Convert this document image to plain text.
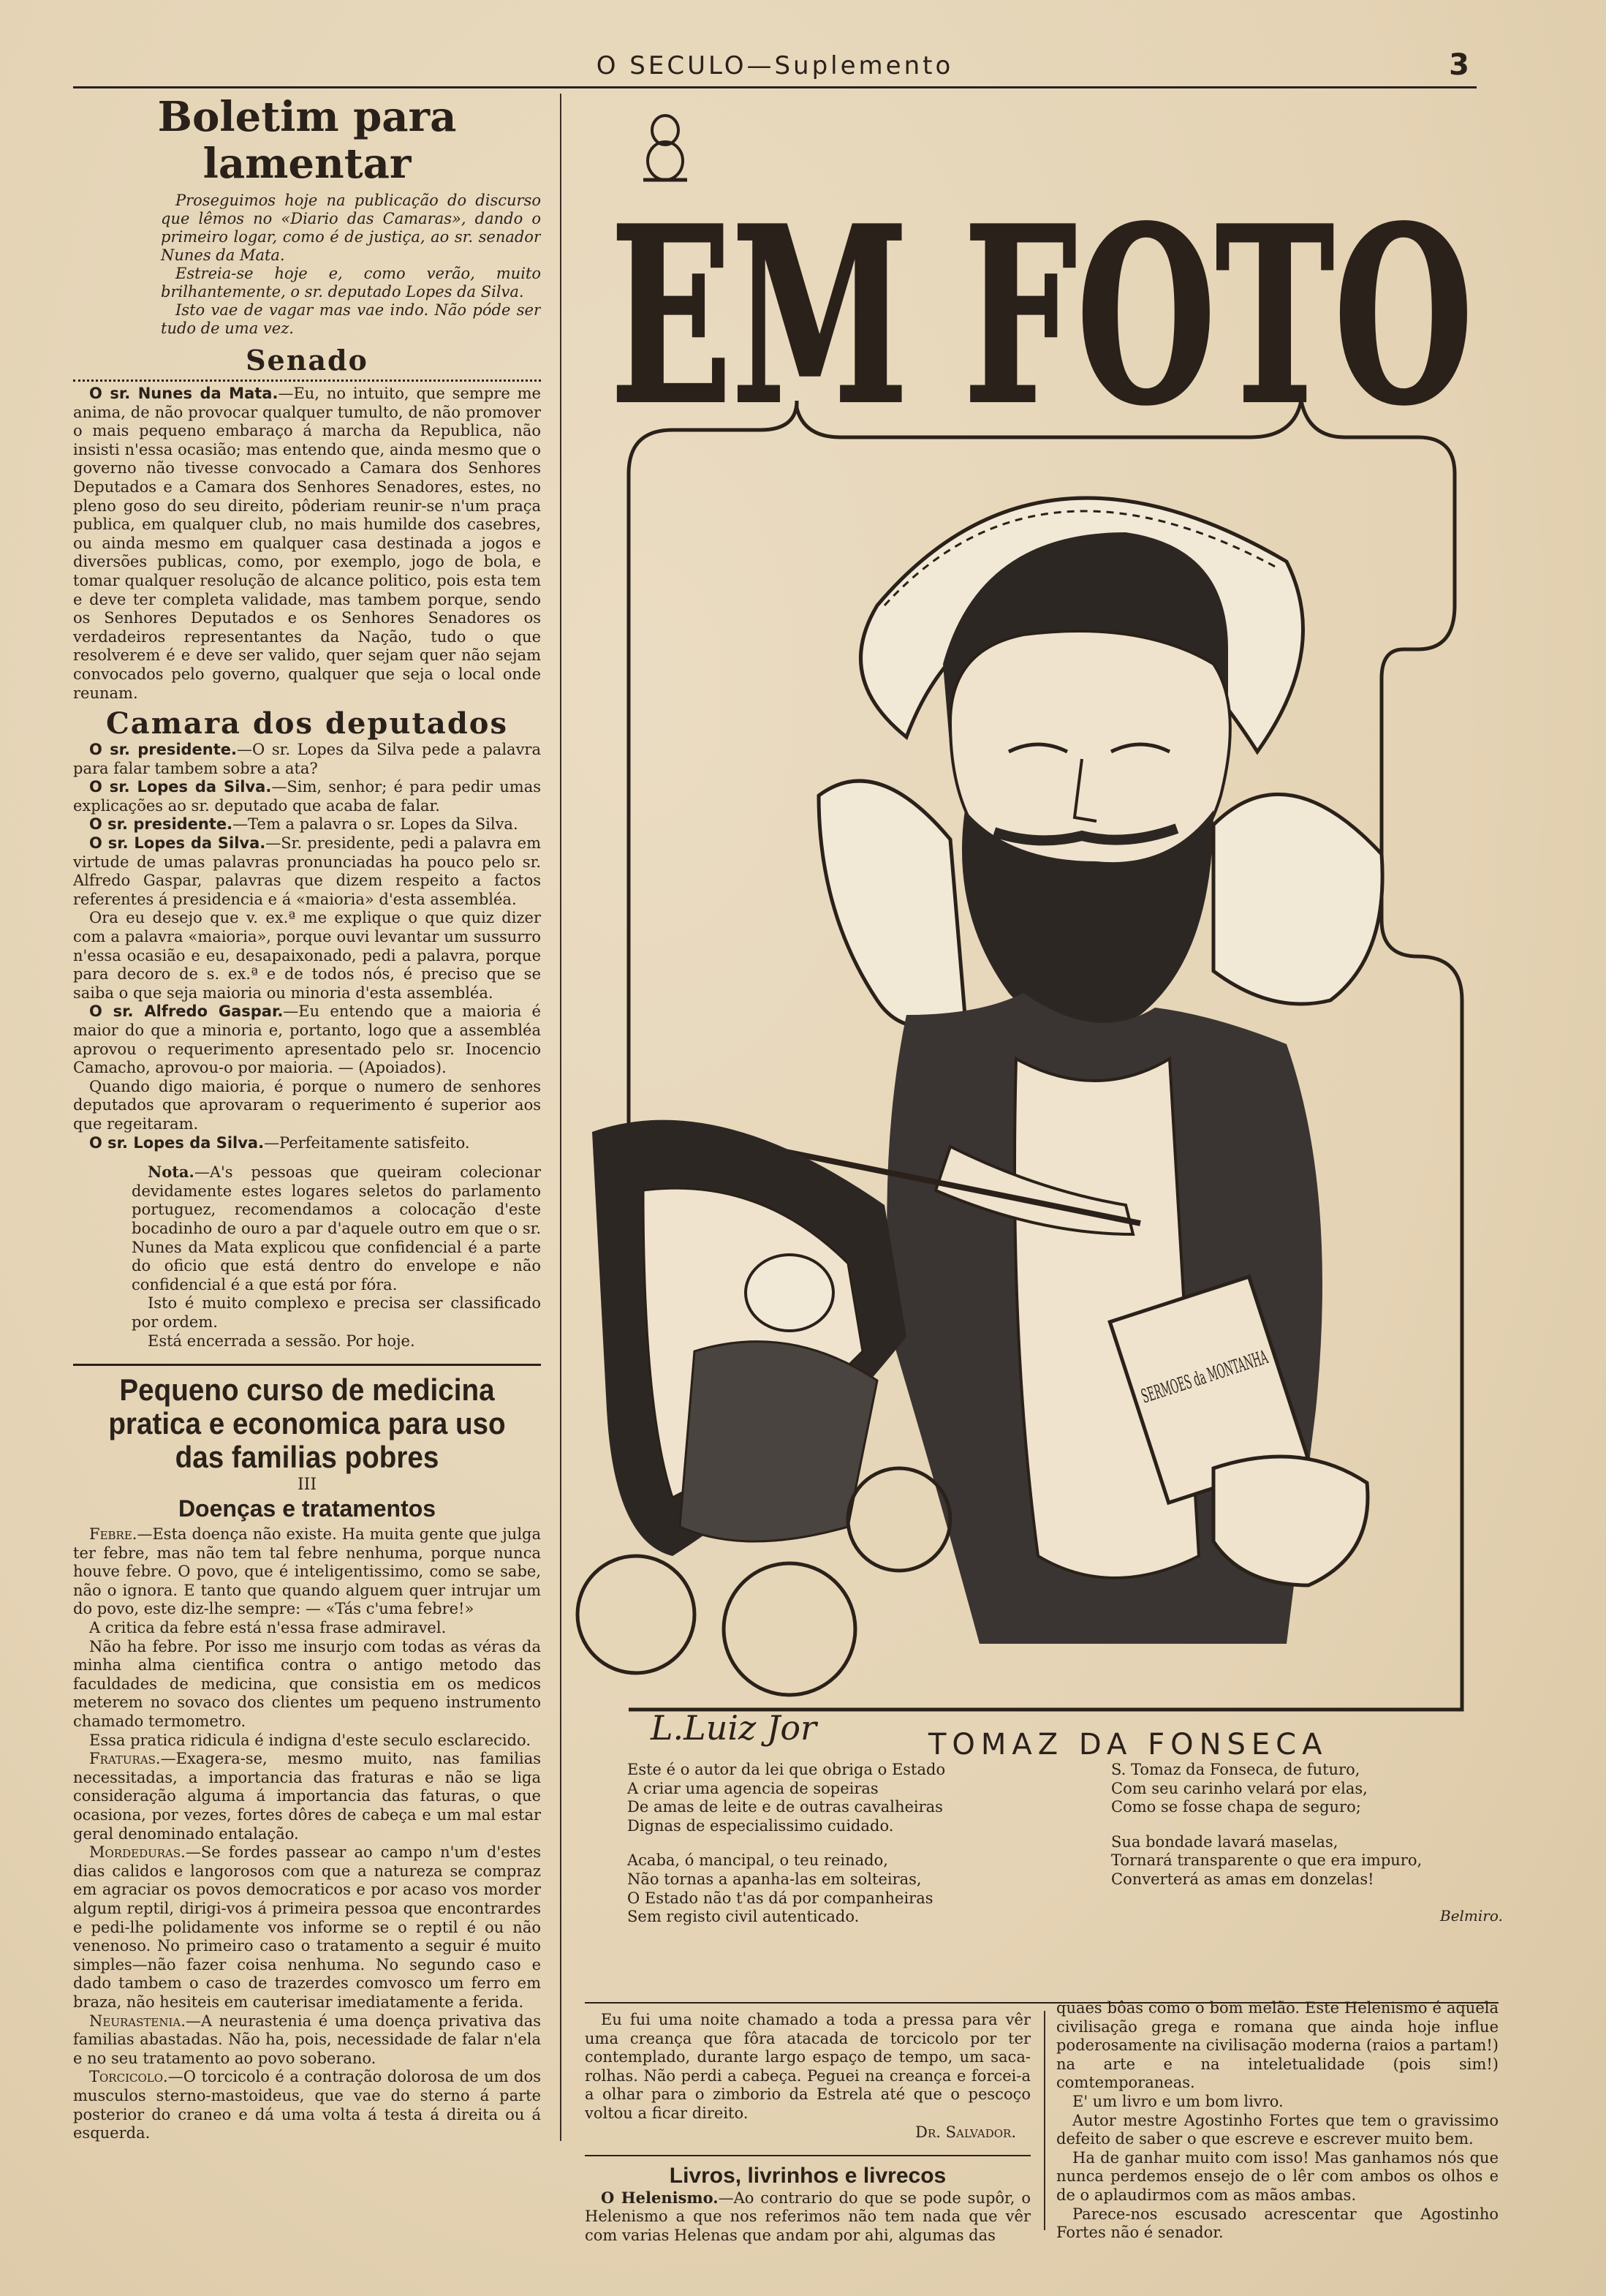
O SECULO—Suplemento	3
Boletim para lamentar

Proseguimos hoje na publicação do discurso que lêmos no «Diario das Camaras», dando o primeiro logar, como é de justiça, ao sr. senador Nunes da Mata.

Estreia-se hoje e, como verão, muito brilhantemente, o sr. deputado Lopes da Silva.

Isto vae de vagar mas vae indo. Não póde ser tudo de uma vez.

Senado

O sr. Nunes da Mata.—Eu, no intuito, que sempre me anima, de não provocar qualquer tumulto, de não promover o mais pequeno embaraço á marcha da Republica, não insisti n'essa ocasião; mas entendo que, ainda mesmo que o governo não tivesse convocado a Camara dos Senhores Deputados e a Camara dos Senhores Senadores, estes, no pleno goso do seu direito, pôderiam reunir-se n'um praça publica, em qualquer club, no mais humilde dos casebres, ou ainda mesmo em qualquer casa destinada a jogos e diversões publicas, como, por exemplo, jogo de bola, e tomar qualquer resolução de alcance politico, pois esta tem e deve ter completa validade, mas tambem porque, sendo os Senhores Deputados e os Senhores Senadores os verdadeiros representantes da Nação, tudo o que resolverem é e deve ser valido, quer sejam quer não sejam convocados pelo governo, qualquer que seja o local onde reunam.

Camara dos deputados

O sr. presidente.—O sr. Lopes da Silva pede a palavra para falar tambem sobre a ata?

O sr. Lopes da Silva.—Sim, senhor; é para pedir umas explicações ao sr. deputado que acaba de falar.

O sr. presidente.—Tem a palavra o sr. Lopes da Silva.

O sr. Lopes da Silva.—Sr. presidente, pedi a palavra em virtude de umas palavras pronunciadas ha pouco pelo sr. Alfredo Gaspar, palavras que dizem respeito a factos referentes á presidencia e á «maioria» d'esta assembléa.

Ora eu desejo que v. ex.ª me explique o que quiz dizer com a palavra «maioria», porque ouvi levantar um sussurro n'essa ocasião e eu, desapaixonado, pedi a palavra, porque para decoro de s. ex.ª e de todos nós, é preciso que se saiba o que seja maioria ou minoria d'esta assembléa.

O sr. Alfredo Gaspar.—Eu entendo que a maioria é maior do que a minoria e, portanto, logo que a assembléa aprovou o requerimento apresentado pelo sr. Inocencio Camacho, aprovou-o por maioria. — (Apoiados).

Quando digo maioria, é porque o numero de senhores deputados que aprovaram o requerimento é superior aos que regeitaram.

O sr. Lopes da Silva.—Perfeitamente satisfeito.

Nota.—A's pessoas que queiram colecionar devidamente estes logares seletos do parlamento portuguez, recomendamos a colocação d'este bocadinho de ouro a par d'aquele outro em que o sr. Nunes da Mata explicou que confidencial é a parte do oficio que está dentro do envelope e não confidencial é a que está por fóra.

Isto é muito complexo e precisa ser classificado por ordem.

Está encerrada a sessão. Por hoje.

Pequeno curso de medicina pratica e economica para uso das familias pobres
III
Doenças e tratamentos

Febre.—Esta doença não existe. Ha muita gente que julga ter febre, mas não tem tal febre nenhuma, porque nunca houve febre. O povo, que é inteligentissimo, como se sabe, não o ignora. E tanto que quando alguem quer intrujar um do povo, este diz-lhe sempre: — «Tás c'uma febre!»

A critica da febre está n'essa frase admiravel.

Não ha febre. Por isso me insurjo com todas as véras da minha alma cientifica contra o antigo metodo das faculdades de medicina, que consistia em os medicos meterem no sovaco dos clientes um pequeno instrumento chamado termometro.

Essa pratica ridicula é indigna d'este seculo esclarecido.

Fraturas.—Exagera-se, mesmo muito, nas familias necessitadas, a importancia das fraturas e não se liga consideração alguma á importancia das faturas, o que ocasiona, por vezes, fortes dôres de cabeça e um mal estar geral denominado entalação.

Mordeduras.—Se fordes passear ao campo n'um d'estes dias calidos e langorosos com que a natureza se compraz em agraciar os povos democraticos e por acaso vos morder algum reptil, dirigi-vos á primeira pessoa que encontrardes e pedi-lhe polidamente vos informe se o reptil é ou não venenoso. No primeiro caso o tratamento a seguir é muito simples—não fazer coisa nenhuma. No segundo caso e dado tambem o caso de trazerdes comvosco um ferro em braza, não hesiteis em cauterisar imediatamente a ferida.

Neurastenia.—A neurastenia é uma doença privativa das familias abastadas. Não ha, pois, necessidade de falar n'ela e no seu tratamento ao povo soberano.

Torcicolo.—O torcicolo é a contração dolorosa de um dos musculos sterno-mastoideus, que vae do sterno á parte posterior do craneo e dá uma volta á testa á direita ou á esquerda.

EM FOTO
SERMOES da MONTANHA
L.Luiz Jor	TOMAZ DA FONSECA

Este é o autor da lei que obriga o Estado
A criar uma agencia de sopeiras
De amas de leite e de outras cavalheiras
Dignas de especialissimo cuidado.

Acaba, ó mancipal, o teu reinado,
Não tornas a apanha-las em solteiras,
O Estado não t'as dá por companheiras
Sem registo civil autenticado.

S. Tomaz da Fonseca, de futuro,
Com seu carinho velará por elas,
Como se fosse chapa de seguro;

Sua bondade lavará maselas,
Tornará transparente o que era impuro,
Converterá as amas em donzelas!

Belmiro.

Eu fui uma noite chamado a toda a pressa para vêr uma creança que fôra atacada de torcicolo por ter contemplado, durante largo espaço de tempo, um saca-rolhas. Não perdi a cabeça. Peguei na creança e forcei-a a olhar para o zimborio da Estrela até que o pescoço voltou a ficar direito.

Dr. Salvador.

Livros, livrinhos e livrecos

O Helenismo.—Ao contrario do que se pode supôr, o Helenismo a que nos referimos não tem nada que vêr com varias Helenas que andam por ahi, algumas das

quaes bôas como o bom melão. Este Helenismo é aquela civilisação grega e romana que ainda hoje influe poderosamente na civilisação moderna (raios a partam!) na arte e na inteletualidade (pois sim!) comtemporaneas.

E' um livro e um bom livro.

Autor mestre Agostinho Fortes que tem o gravissimo defeito de saber o que escreve e escrever muito bem.

Ha de ganhar muito com isso! Mas ganhamos nós que nunca perdemos ensejo de o lêr com ambos os olhos e de o aplaudirmos com as mãos ambas.

Parece-nos escusado acrescentar que Agostinho Fortes não é senador.
